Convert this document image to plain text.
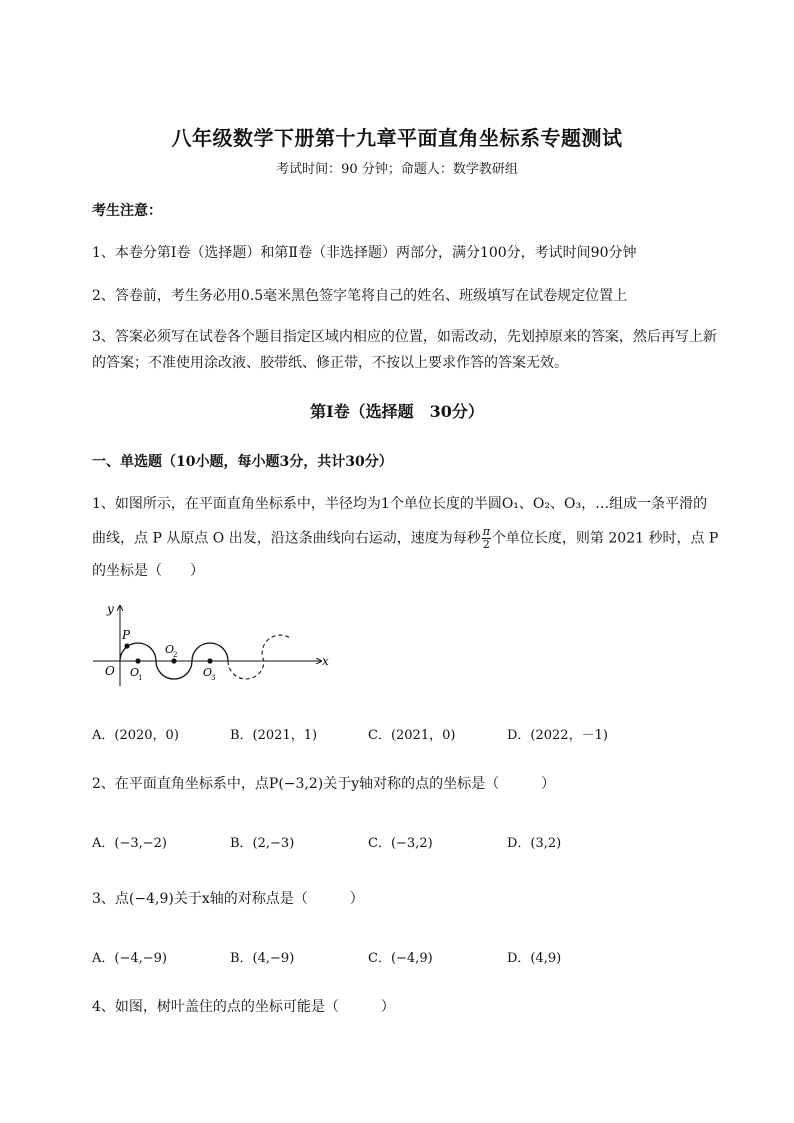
八年级数学下册第十九章平面直角坐标系专题测试
考试时间：90 分钟；命题人：数学教研组
考生注意：
1、本卷分第I卷（选择题）和第Ⅱ卷（非选择题）两部分，满分100分，考试时间90分钟
2、答卷前，考生务必用0.5毫米黑色签字笔将自己的姓名、班级填写在试卷规定位置上
3、答案必须写在试卷各个题目指定区域内相应的位置，如需改动，先划掉原来的答案，然后再写上新
的答案；不准使用涂改液、胶带纸、修正带，不按以上要求作答的答案无效。
第I卷（选择题　30分）
一、单选题（10小题，每小题3分，共计30分）
1、如图所示，在平面直角坐标系中，半径均为1个单位长度的半圆O₁、O₂、O₃，…组成一条平滑的
曲线，点 P 从原点 O 出发，沿这条曲线向右运动，速度为每秒 $\frac{\pi}{2}$ 个单位长度，则第 2021 秒时，点 P
的坐标是（　　）
y
x
O
P
O
1
O
2
O
3
A．(2020，0)	B．(2021，1)	C．(2021，0)	D．(2022，－1)
2、在平面直角坐标系中，点P(−3,2)关于y轴对称的点的坐标是（　　　）
A．(−3,−2)	B．(2,−3)	C．(−3,2)	D．(3,2)
3、点(−4,9)关于x轴的对称点是（　　　）
A．(−4,−9)	B．(4,−9)	C．(−4,9)	D．(4,9)
4、如图，树叶盖住的点的坐标可能是（　　　）
